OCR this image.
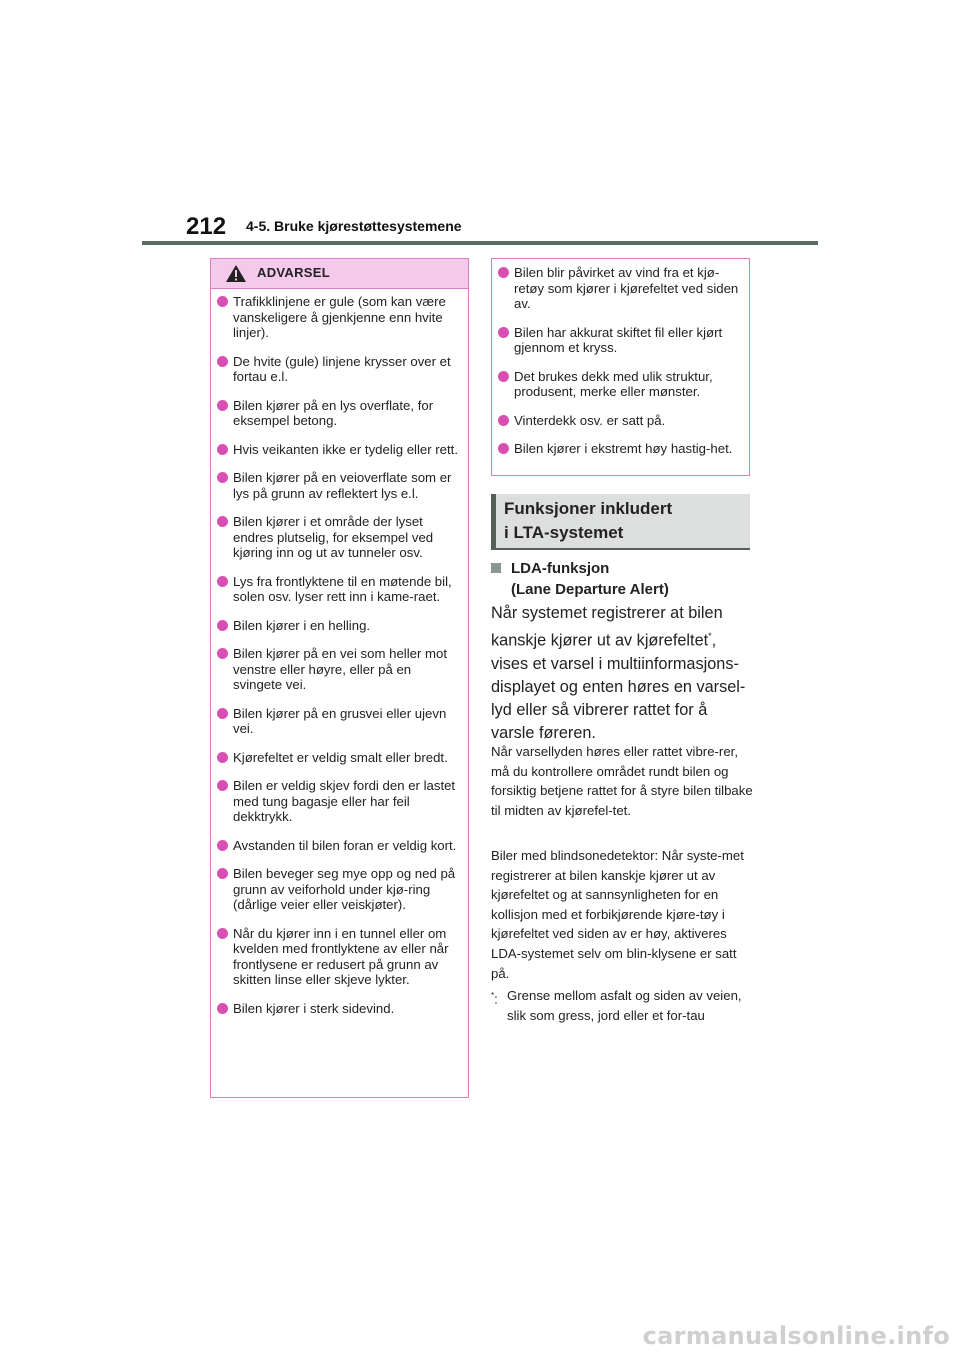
212 4-5. Bruke kjørestøttesystemene
ADVARSEL
Trafikklinjene er gule (som kan være vanskeligere å gjenkjenne enn hvite linjer).
De hvite (gule) linjene krysser over et fortau e.l.
Bilen kjører på en lys overflate, for eksempel betong.
Hvis veikanten ikke er tydelig eller rett.
Bilen kjører på en veioverflate som er lys på grunn av reflektert lys e.l.
Bilen kjører i et område der lyset endres plutselig, for eksempel ved kjøring inn og ut av tunneler osv.
Lys fra frontlyktene til en møtende bil, solen osv. lyser rett inn i kame-raet.
Bilen kjører i en helling.
Bilen kjører på en vei som heller mot venstre eller høyre, eller på en svingete vei.
Bilen kjører på en grusvei eller ujevn vei.
Kjørefeltet er veldig smalt eller bredt.
Bilen er veldig skjev fordi den er lastet med tung bagasje eller har feil dekktrykk.
Avstanden til bilen foran er veldig kort.
Bilen beveger seg mye opp og ned på grunn av veiforhold under kjø-ring (dårlige veier eller veiskjøter).
Når du kjører inn i en tunnel eller om kvelden med frontlyktene av eller når frontlysene er redusert på grunn av skitten linse eller skjeve lykter.
Bilen kjører i sterk sidevind.
Bilen blir påvirket av vind fra et kjø-retøy som kjører i kjørefeltet ved siden av.
Bilen har akkurat skiftet fil eller kjørt gjennom et kryss.
Det brukes dekk med ulik struktur, produsent, merke eller mønster.
Vinterdekk osv. er satt på.
Bilen kjører i ekstremt høy hastig-het.
Funksjoner inkludert
i LTA-systemet
LDA-funksjon
(Lane Departure Alert)
Når systemet registrerer at bilen kanskje kjører ut av kjørefeltet*, vises et varsel i multiinformasjons-displayet og enten høres en varsel-lyd eller så vibrerer rattet for å varsle føreren.
Når varsellyden høres eller rattet vibre-rer, må du kontrollere området rundt bilen og forsiktig betjene rattet for å styre bilen tilbake til midten av kjørefel-tet.
Biler med blindsonedetektor: Når syste-met registrerer at bilen kanskje kjører ut av kjørefeltet og at sannsynligheten for en kollisjon med et forbikjørende kjøre-tøy i kjørefeltet ved siden av er høy, aktiveres LDA-systemet selv om blin-klysene er satt på.
*: Grense mellom asfalt og siden av veien, slik som gress, jord eller et for-tau
carmanualsonline.info
